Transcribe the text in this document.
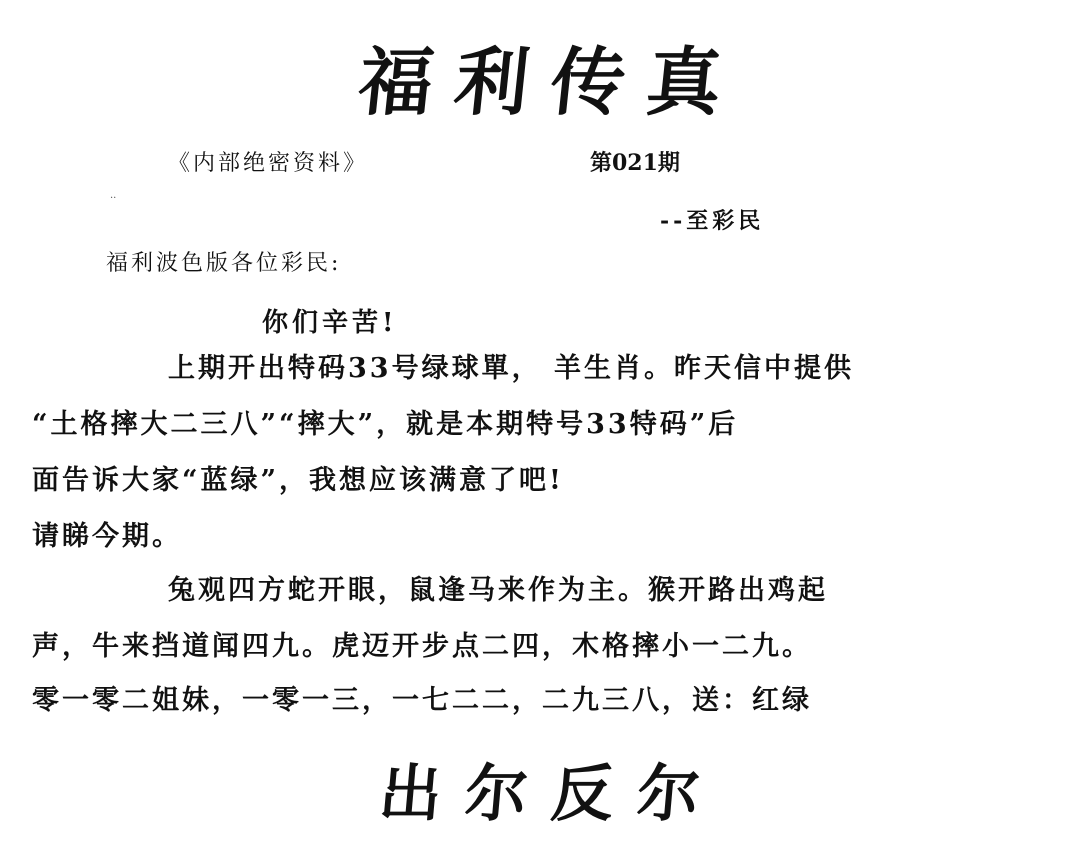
福利传真
《内部绝密资料》	第021期
..
--至彩民
福利波色版各位彩民:
你们辛苦!
上期开出特码33号绿球單， 羊生肖。昨天信中提供
“土格摔大二三八”“摔大”，就是本期特号33特码”后
面告诉大家“蓝绿”，我想应该满意了吧!
请睇今期。
兔观四方蛇开眼，鼠逢马来作为主。猴开路出鸡起
声，牛来挡道闻四九。虎迈开步点二四，木格摔小一二九。
零一零二姐妹，一零一三，一七二二，二九三八，送：红绿
出尔反尔
